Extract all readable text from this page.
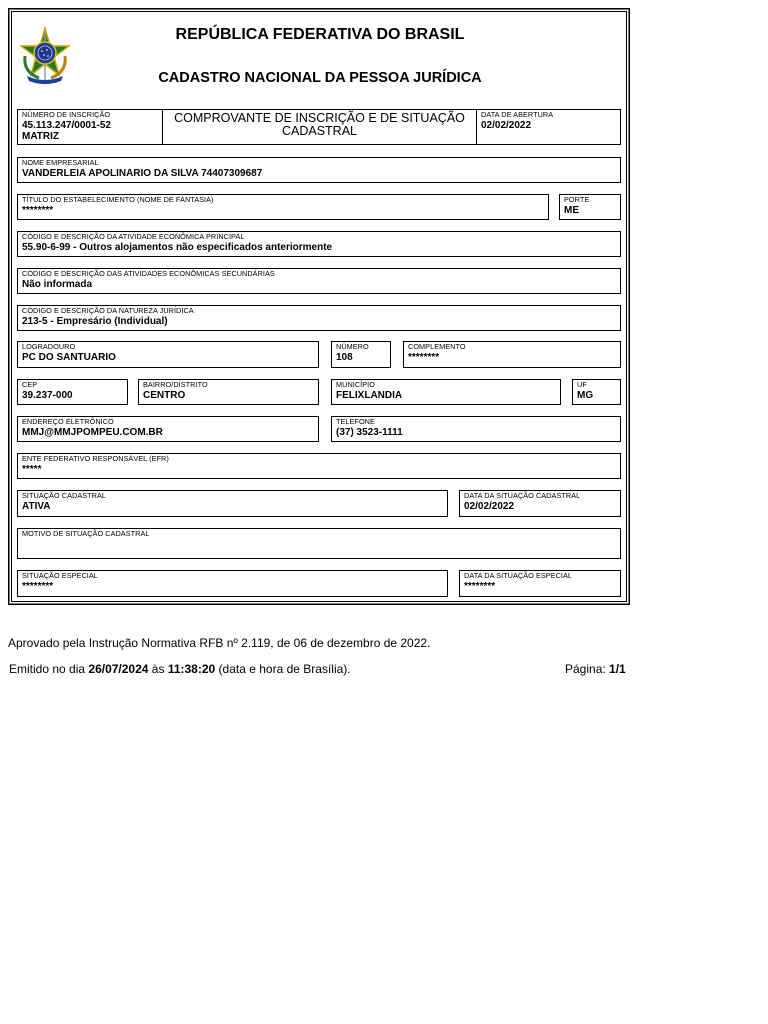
REPÚBLICA FEDERATIVA DO BRASIL
CADASTRO NACIONAL DA PESSOA JURÍDICA
NÚMERO DE INSCRIÇÃO
45.113.247/0001-52
MATRIZ
COMPROVANTE DE INSCRIÇÃO E DE SITUAÇÃO
CADASTRAL
DATA DE ABERTURA
02/02/2022
NOME EMPRESARIAL
VANDERLEIA APOLINARIO DA SILVA 74407309687
TÍTULO DO ESTABELECIMENTO (NOME DE FANTASIA)
********
PORTE
ME
CÓDIGO E DESCRIÇÃO DA ATIVIDADE ECONÔMICA PRINCIPAL
55.90-6-99 - Outros alojamentos não especificados anteriormente
CÓDIGO E DESCRIÇÃO DAS ATIVIDADES ECONÔMICAS SECUNDÁRIAS
Não informada
CÓDIGO E DESCRIÇÃO DA NATUREZA JURÍDICA
213-5 - Empresário (Individual)
LOGRADOURO
PC DO SANTUARIO
NÚMERO
108
COMPLEMENTO
********
CEP
39.237-000
BAIRRO/DISTRITO
CENTRO
MUNICÍPIO
FELIXLANDIA
UF
MG
ENDEREÇO ELETRÔNICO
MMJ@MMJPOMPEU.COM.BR
TELEFONE
(37) 3523-1111
ENTE FEDERATIVO RESPONSÁVEL (EFR)
*****
SITUAÇÃO CADASTRAL
ATIVA
DATA DA SITUAÇÃO CADASTRAL
02/02/2022
MOTIVO DE SITUAÇÃO CADASTRAL
SITUAÇÃO ESPECIAL
********
DATA DA SITUAÇÃO ESPECIAL
********
Aprovado pela Instrução Normativa RFB nº 2.119, de 06 de dezembro de 2022.
Emitido no dia 26/07/2024 às 11:38:20 (data e hora de Brasília).	Página: 1/1
